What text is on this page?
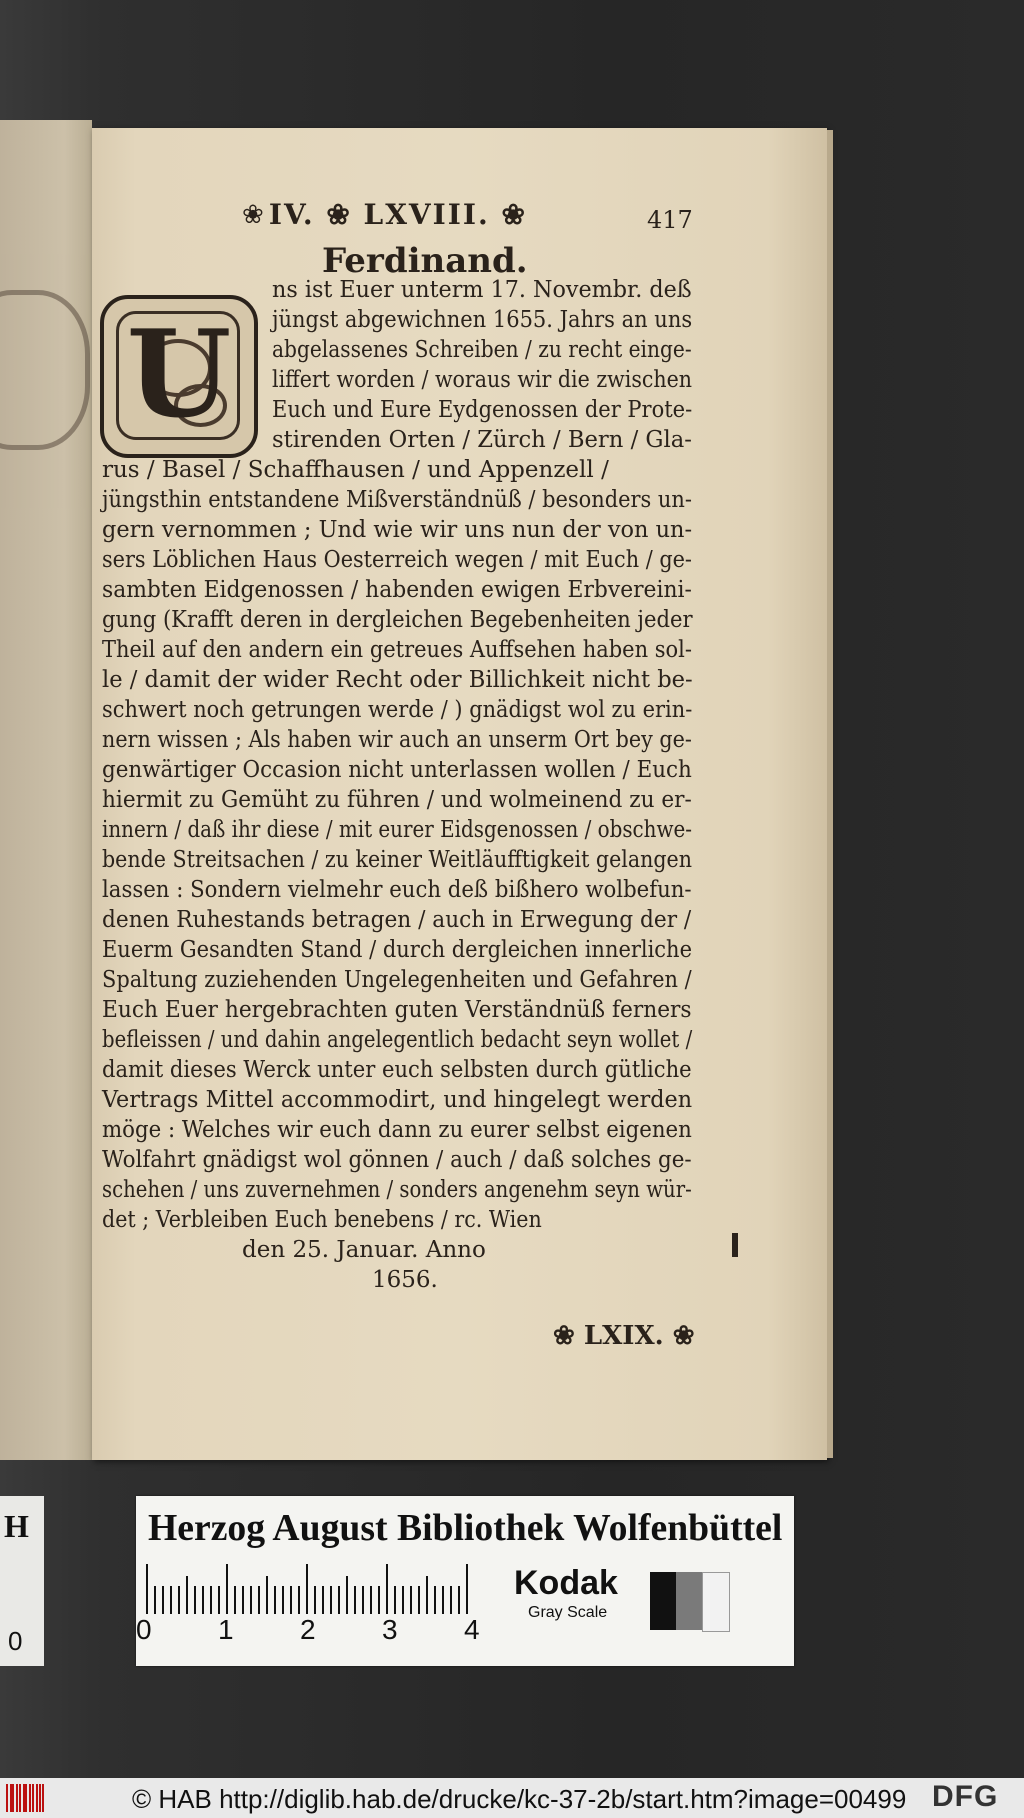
❀ IV. ❀ LXVIII. ❀	417
Ferdinand.
U
ns ist Euer unterm 17. Novembr. deß
jüngst abgewichnen 1655. Jahrs an uns
abgelassenes Schreiben / zu recht einge-
liffert worden / woraus wir die zwischen
Euch und Eure Eydgenossen der Prote-
stirenden Orten / Zürch / Bern / Gla-
rus / Basel / Schaffhausen / und Appenzell /
jüngsthin entstandene Mißverständnüß / besonders un-
gern vernommen ; Und wie wir uns nun der von un-
sers Löblichen Haus Oesterreich wegen / mit Euch / ge-
sambten Eidgenossen / habenden ewigen Erbvereini-
gung (Krafft deren in dergleichen Begebenheiten jeder
Theil auf den andern ein getreues Auffsehen haben sol-
le / damit der wider Recht oder Billichkeit nicht be-
schwert noch getrungen werde / ) gnädigst wol zu erin-
nern wissen ; Als haben wir auch an unserm Ort bey ge-
genwärtiger Occasion nicht unterlassen wollen / Euch
hiermit zu Gemüht zu führen / und wolmeinend zu er-
innern / daß ihr diese / mit eurer Eidsgenossen / obschwe-
bende Streitsachen / zu keiner Weitläufftigkeit gelangen
lassen : Sondern vielmehr euch deß bißhero wolbefun-
denen Ruhestands betragen / auch in Erwegung der /
Euerm Gesandten Stand / durch dergleichen innerliche
Spaltung zuziehenden Ungelegenheiten und Gefahren /
Euch Euer hergebrachten guten Verständnüß ferners
befleissen / und dahin angelegentlich bedacht seyn wollet /
damit dieses Werck unter euch selbsten durch gütliche
Vertrags Mittel accommodirt, und hingelegt werden
möge : Welches wir euch dann zu eurer selbst eigenen
Wolfahrt gnädigst wol gönnen / auch / daß solches ge-
schehen / uns zuvernehmen / sonders angenehm seyn wür-
det ; Verbleiben Euch benebens / rc. Wien
den 25. Januar. Anno
1656.
❀ LXIX. ❀
H
0
Herzog August Bibliothek Wolfenbüttel
0 1 2 3 4
Kodak
Gray Scale
© HAB http://diglib.hab.de/drucke/kc-37-2b/start.htm?image=00499 DFG
